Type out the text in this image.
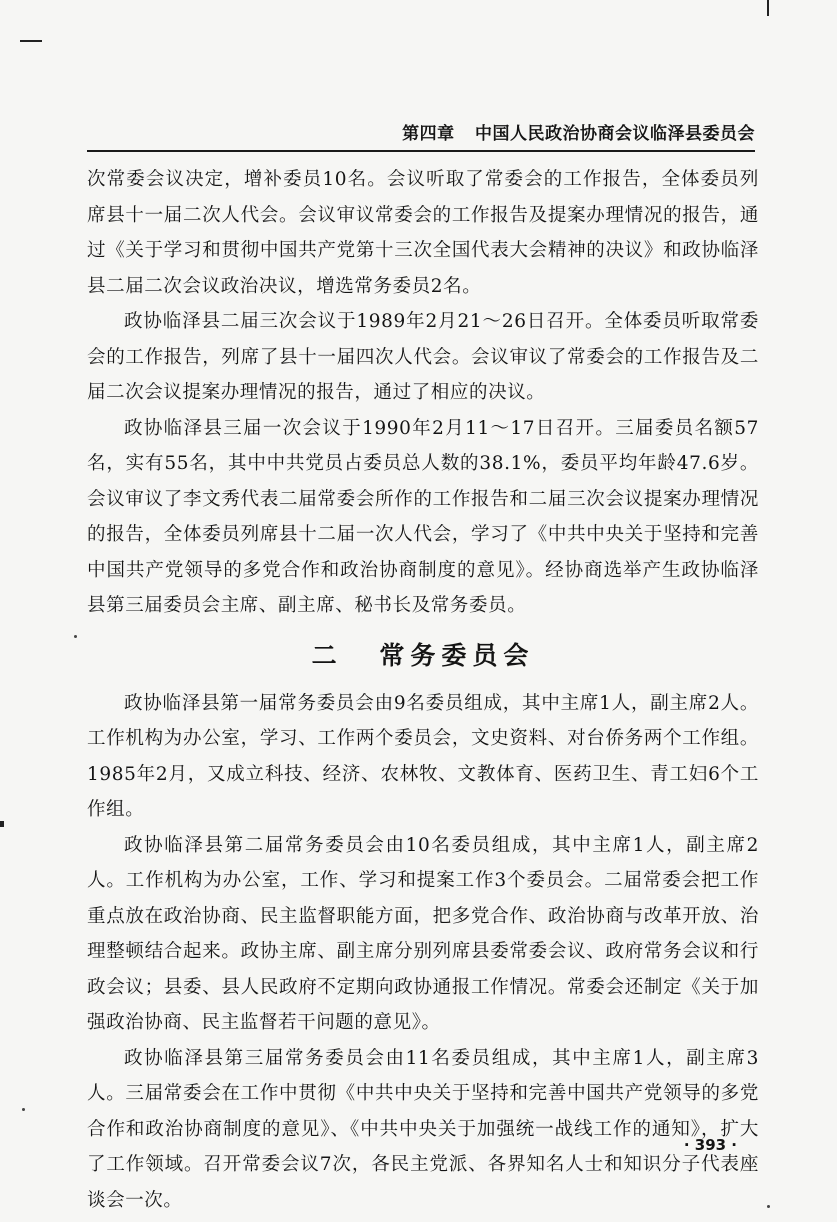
第四章 中国人民政治协商会议临泽县委员会

次常委会议决定，增补委员10名。会议听取了常委会的工作报告，全体委员列席县十一届二次人代会。会议审议常委会的工作报告及提案办理情况的报告，通过《关于学习和贯彻中国共产党第十三次全国代表大会精神的决议》和政协临泽县二届二次会议政治决议，增选常务委员2名。

政协临泽县二届三次会议于1989年2月21～26日召开。全体委员听取常委会的工作报告，列席了县十一届四次人代会。会议审议了常委会的工作报告及二届二次会议提案办理情况的报告，通过了相应的决议。

政协临泽县三届一次会议于1990年2月11～17日召开。三届委员名额57名，实有55名，其中中共党员占委员总人数的38.1%，委员平均年龄47.6岁。会议审议了李文秀代表二届常委会所作的工作报告和二届三次会议提案办理情况的报告，全体委员列席县十二届一次人代会，学习了《中共中央关于坚持和完善中国共产党领导的多党合作和政治协商制度的意见》。经协商选举产生政协临泽县第三届委员会主席、副主席、秘书长及常务委员。

二 常务委员会

政协临泽县第一届常务委员会由9名委员组成，其中主席1人，副主席2人。工作机构为办公室，学习、工作两个委员会，文史资料、对台侨务两个工作组。1985年2月，又成立科技、经济、农林牧、文教体育、医药卫生、青工妇6个工作组。

政协临泽县第二届常务委员会由10名委员组成，其中主席1人，副主席2人。工作机构为办公室，工作、学习和提案工作3个委员会。二届常委会把工作重点放在政治协商、民主监督职能方面，把多党合作、政治协商与改革开放、治理整顿结合起来。政协主席、副主席分别列席县委常委会议、政府常务会议和行政会议；县委、县人民政府不定期向政协通报工作情况。常委会还制定《关于加强政治协商、民主监督若干问题的意见》。

政协临泽县第三届常务委员会由11名委员组成，其中主席1人，副主席3人。三届常委会在工作中贯彻《中共中央关于坚持和完善中国共产党领导的多党合作和政治协商制度的意见》、《中共中央关于加强统一战线工作的通知》，扩大了工作领域。召开常委会议7次，各民主党派、各界知名人士和知识分子代表座谈会一次。

· 393 ·
